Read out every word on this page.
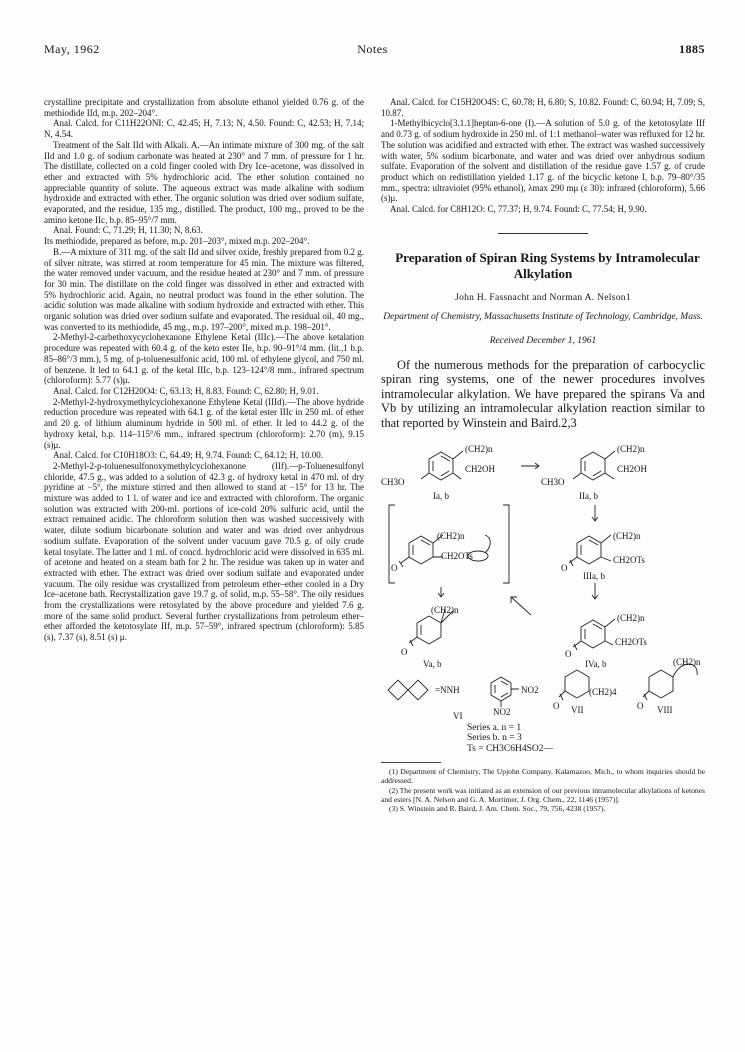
May, 1962	Notes	1885

crystalline precipitate and crystallization from absolute ethanol yielded 0.76 g. of the methiodide IId, m.p. 202–204°.

Anal. Calcd. for C11H22ONI: C, 42.45; H, 7.13; N, 4.50. Found: C, 42.53; H, 7.14; N, 4.54.

Treatment of the Salt IId with Alkali. A.—An intimate mixture of 300 mg. of the salt IId and 1.0 g. of sodium carbonate was heated at 230° and 7 mm. of pressure for 1 hr. The distillate, collected on a cold finger cooled with Dry Ice–acetone, was dissolved in ether and extracted with 5% hydrochloric acid. The ether solution contained no appreciable quantity of solute. The aqueous extract was made alkaline with sodium hydroxide and extracted with ether. The organic solution was dried over sodium sulfate, evaporated, and the residue, 135 mg., distilled. The product, 100 mg., proved to be the amino ketone IIc, b.p. 85–95°/7 mm.

Anal. Found: C, 71.29; H, 11.30; N, 8.63.

Its methiodide, prepared as before, m.p. 201–203°, mixed m.p. 202–204°.

B.—A mixture of 311 mg. of the salt IId and silver oxide, freshly prepared from 0.2 g. of silver nitrate, was stirred at room temperature for 45 min. The mixture was filtered, the water removed under vacuum, and the residue heated at 230° and 7 mm. of pressure for 30 min. The distillate on the cold finger was dissolved in ether and extracted with 5% hydrochloric acid. Again, no neutral product was found in the ether solution. The acidic solution was made alkaline with sodium hydroxide and extracted with ether. This organic solution was dried over sodium sulfate and evaporated. The residual oil, 40 mg., was converted to its methiodide, 45 mg., m.p. 197–200°, mixed m.p. 198–201°.

2-Methyl-2-carbethoxycyclohexanone Ethylene Ketal (IIIc).—The above ketalation procedure was repeated with 60.4 g. of the keto ester IIe, b.p. 90–91°/4 mm. (lit.,1 b.p. 85–86°/3 mm.), 5 mg. of p-toluenesulfonic acid, 100 ml. of ethylene glycol, and 750 ml. of benzene. It led to 64.1 g. of the ketal IIIc, b.p. 123–124°/8 mm., infrared spectrum (chloroform): 5.77 (s)μ.

Anal. Calcd. for C12H20O4: C, 63.13; H, 8.83. Found: C, 62.80; H, 9.01.

2-Methyl-2-hydroxymethylcyclohexanone Ethylene Ketal (IIId).—The above hydride reduction procedure was repeated with 64.1 g. of the ketal ester IIIc in 250 ml. of ether and 20 g. of lithium aluminum hydride in 500 ml. of ether. It led to 44.2 g. of the hydroxy ketal, b.p. 114–115°/6 mm., infrared spectrum (chloroform): 2.70 (m), 9.15 (s)μ.

Anal. Calcd. for C10H18O3: C, 64.49; H, 9.74. Found: C, 64.12; H, 10.00.

2-Methyl-2-p-toluenesulfonoxymethylcyclohexanone (IIf).—p-Toluenesulfonyl chloride, 47.5 g., was added to a solution of 42.3 g. of hydroxy ketal in 470 ml. of dry pyridine at −5°, the mixture stirred and then allowed to stand at −15° for 13 hr. The mixture was added to 1 l. of water and ice and extracted with chloroform. The organic solution was extracted with 200-ml. portions of ice-cold 20% sulfuric acid, until the extract remained acidic. The chloroform solution then was washed successively with water, dilute sodium bicarbonate solution and water and was dried over anhydrous sodium sulfate. Evaporation of the solvent under vacuum gave 70.5 g. of oily crude ketal tosylate. The latter and 1 ml. of concd. hydrochloric acid were dissolved in 635 ml. of acetone and heated on a steam bath for 2 hr. The residue was taken up in water and extracted with ether. The extract was dried over sodium sulfate and evaporated under vacuum. The oily residue was crystallized from petroleum ether–ether cooled in a Dry Ice–acetone bath. Recrystallization gave 19.7 g. of solid, m.p. 55–58°. The oily residues from the crystallizations were retosylated by the above procedure and yielded 7.6 g. more of the same solid product. Several further crystallizations from petroleum ether–ether afforded the ketotosylate IIf, m.p. 57–59°, infrared spectrum (chloroform): 5.85 (s), 7.37 (s), 8.51 (s) μ.

Anal. Calcd. for C15H20O4S: C, 60.78; H, 6.80; S, 10.82. Found: C, 60.94; H, 7.09; S, 10.87.

1-Methylbicyclo[3.1.1]heptan-6-one (I).—A solution of 5.0 g. of the ketotosylate IIf and 0.73 g. of sodium hydroxide in 250 ml. of 1:1 methanol–water was refluxed for 12 hr. The solution was acidified and extracted with ether. The extract was washed successively with water, 5% sodium bicarbonate, and water and was dried over anhydrous sodium sulfate. Evaporation of the solvent and distillation of the residue gave 1.57 g. of crude product which on redistillation yielded 1.17 g. of the bicyclic ketone I, b.p. 79–80°/35 mm., spectra: ultraviolet (95% ethanol), λmax 290 mμ (ε 30): infrared (chloroform), 5.66 (s)μ.

Anal. Calcd. for C8H12O: C, 77.37; H, 9.74. Found: C, 77.54; H, 9.90.

Preparation of Spiran Ring Systems by Intramolecular Alkylation

John H. Fassnacht and Norman A. Nelson1
Department of Chemistry, Massachusetts Institute of Technology, Cambridge, Mass.
Received December 1, 1961

Of the numerous methods for the preparation of carbocyclic spiran ring systems, one of the newer procedures involves intramolecular alkylation. We have prepared the spirans Va and Vb by utilizing an intramolecular alkylation reaction similar to that reported by Winstein and Baird.2,3

(CH2)n
CH2OH
CH3O
Ia, b
(CH2)n
CH2OH
CH3O
IIa, b
(CH2)n
CH2OTs
O
(CH2)n
CH2OTs
O
IIIa, b
(CH2)n
O
Va, b
(CH2)n
CH2OTs
O
IVa, b
=NNH	NO2
NO2
VI
(CH2)4
O VII
(CH2)n
O VIII
Series a. n = 1
Series b. n = 3
Ts = CH3C6H4SO2—

(1) Department of Chemistry, The Upjohn Company, Kalamazoo, Mich., to whom inquiries should be addressed.

(2) The present work was initiated as an extension of our previous intramolecular alkylations of ketones and esters [N. A. Nelson and G. A. Mortimer, J. Org. Chem., 22, 1146 (1957)].

(3) S. Winstein and R. Baird, J. Am. Chem. Soc., 79, 756, 4238 (1957).
